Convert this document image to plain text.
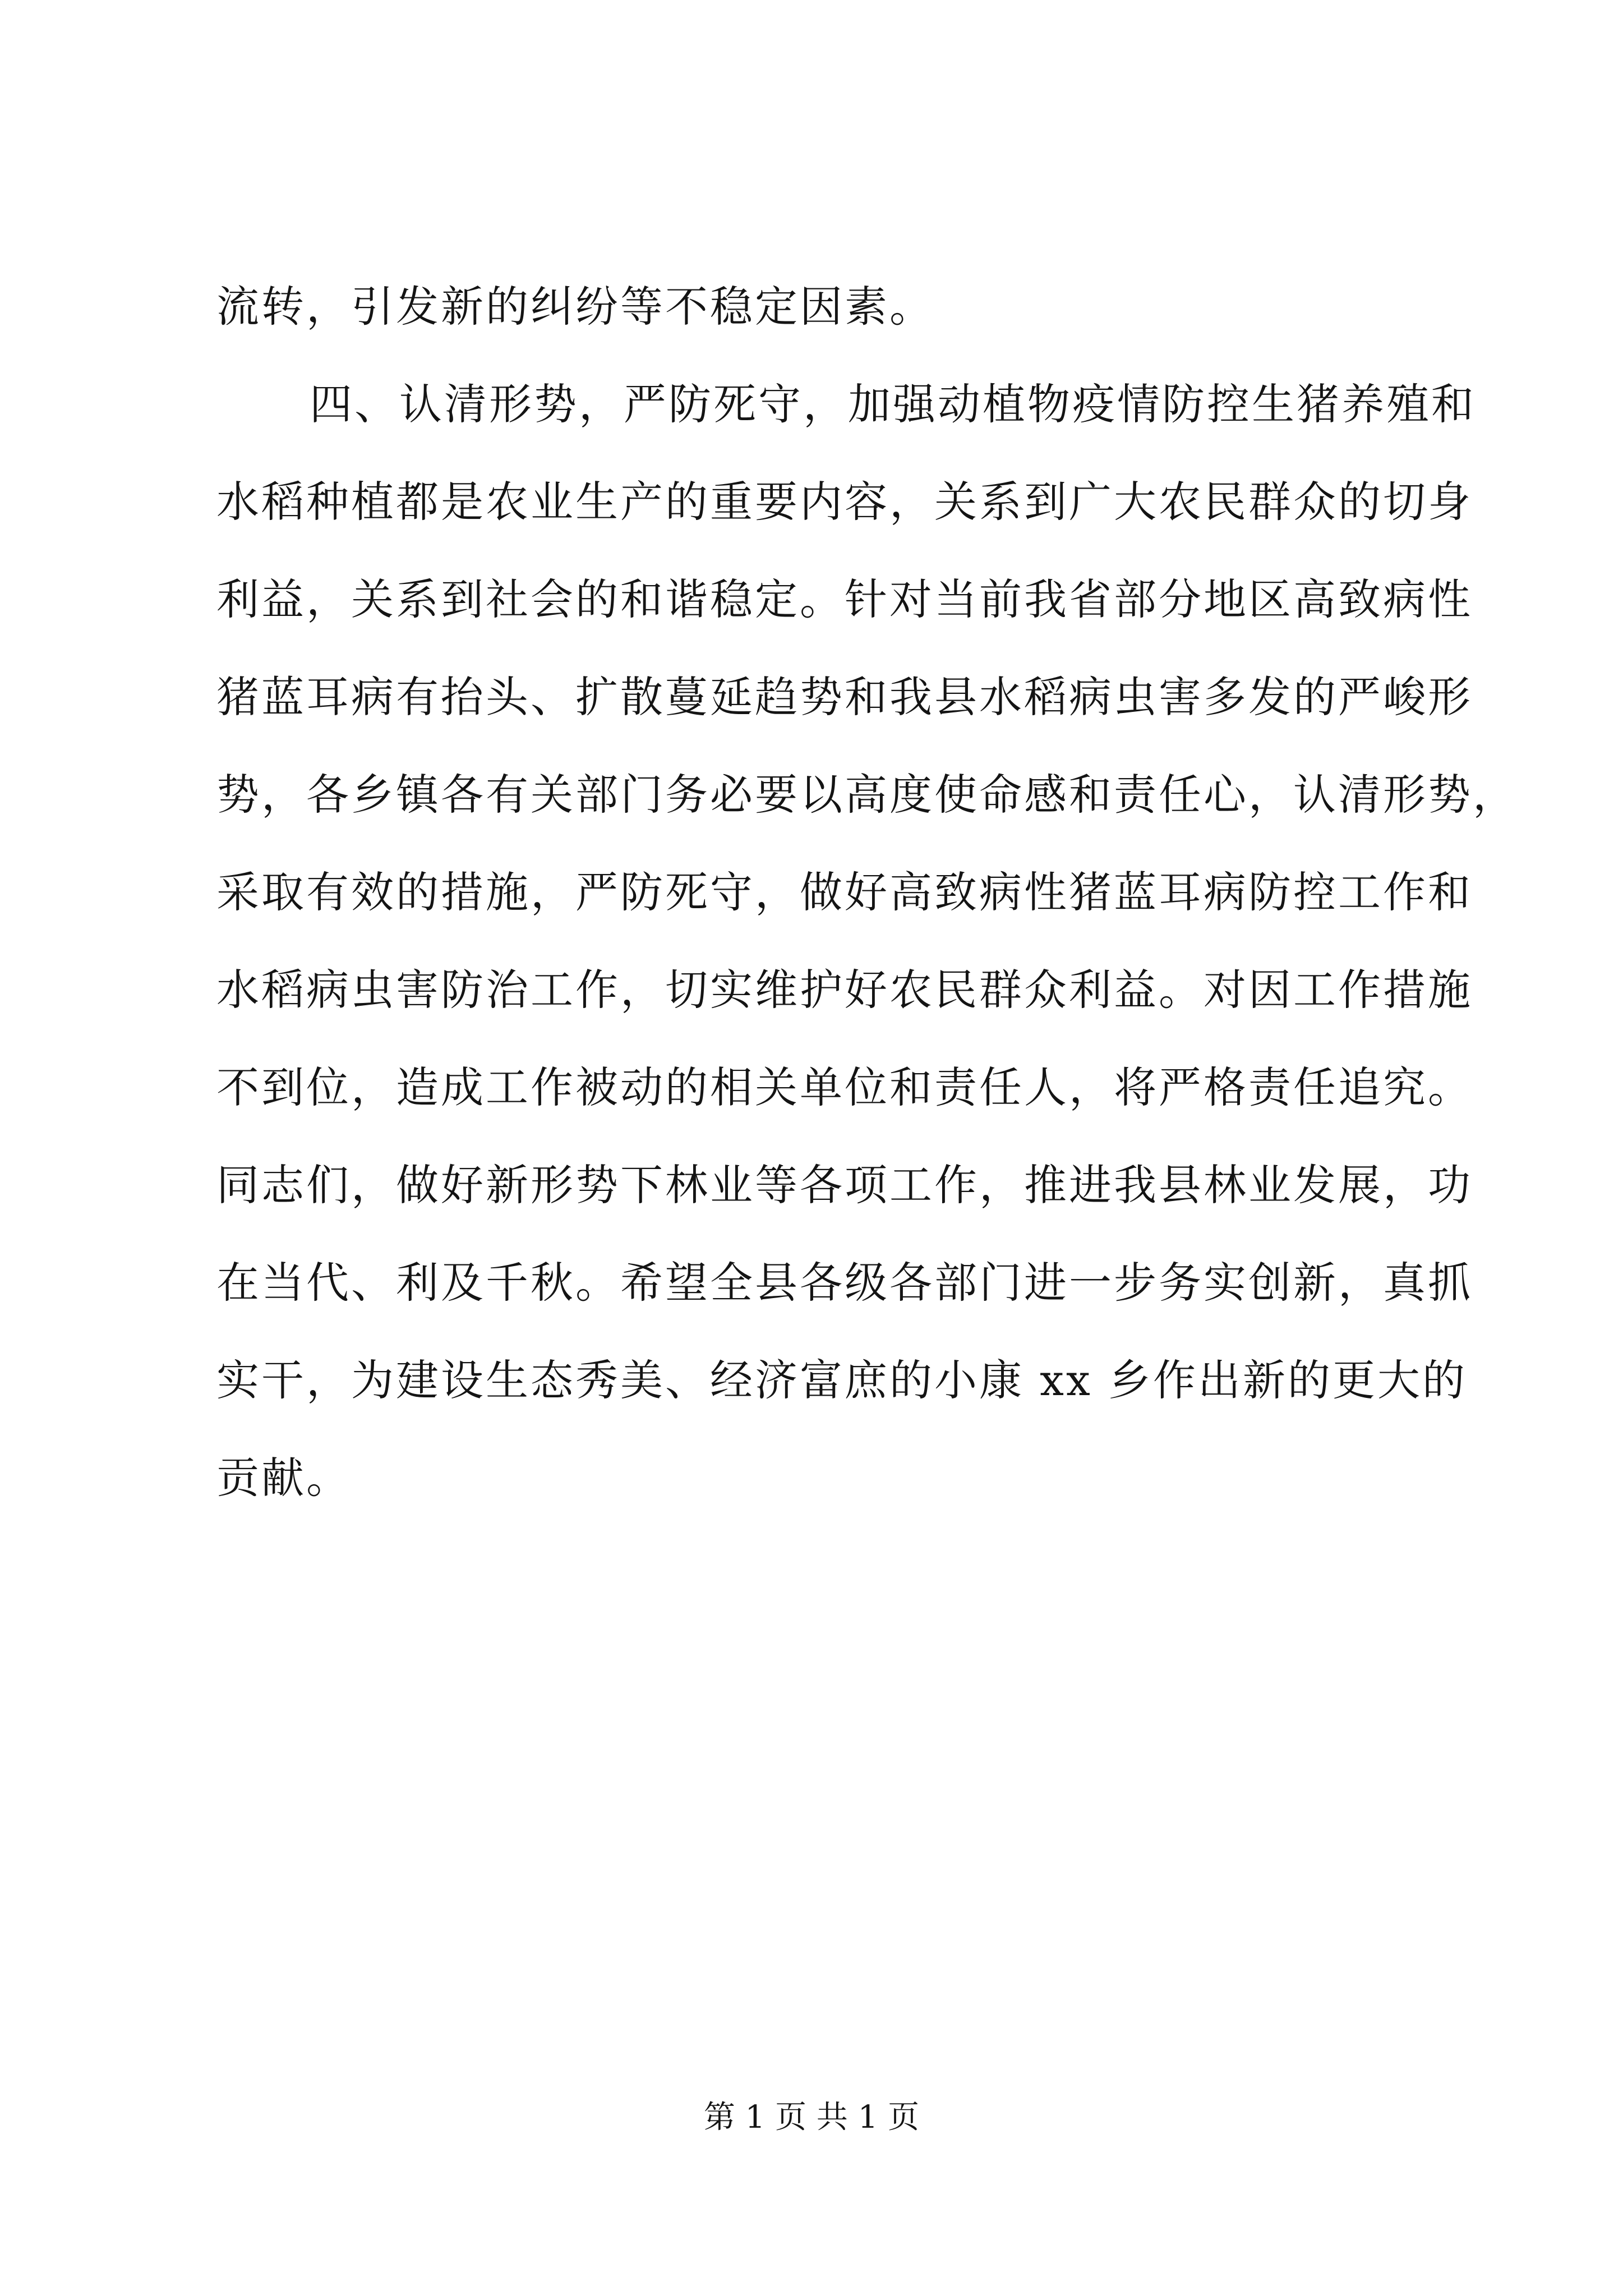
流转，引发新的纠纷等不稳定因素。
四、认清形势，严防死守，加强动植物疫情防控生猪养殖和
水稻种植都是农业生产的重要内容，关系到广大农民群众的切身
利益，关系到社会的和谐稳定。针对当前我省部分地区高致病性
猪蓝耳病有抬头、扩散蔓延趋势和我县水稻病虫害多发的严峻形
势，各乡镇各有关部门务必要以高度使命感和责任心，认清形势，
采取有效的措施，严防死守，做好高致病性猪蓝耳病防控工作和
水稻病虫害防治工作，切实维护好农民群众利益。对因工作措施
不到位，造成工作被动的相关单位和责任人，将严格责任追究。
同志们，做好新形势下林业等各项工作，推进我县林业发展，功
在当代、利及千秋。希望全县各级各部门进一步务实创新，真抓
实干，为建设生态秀美、经济富庶的小康 xx 乡作出新的更大的
贡献。
第 1 页 共 1 页
